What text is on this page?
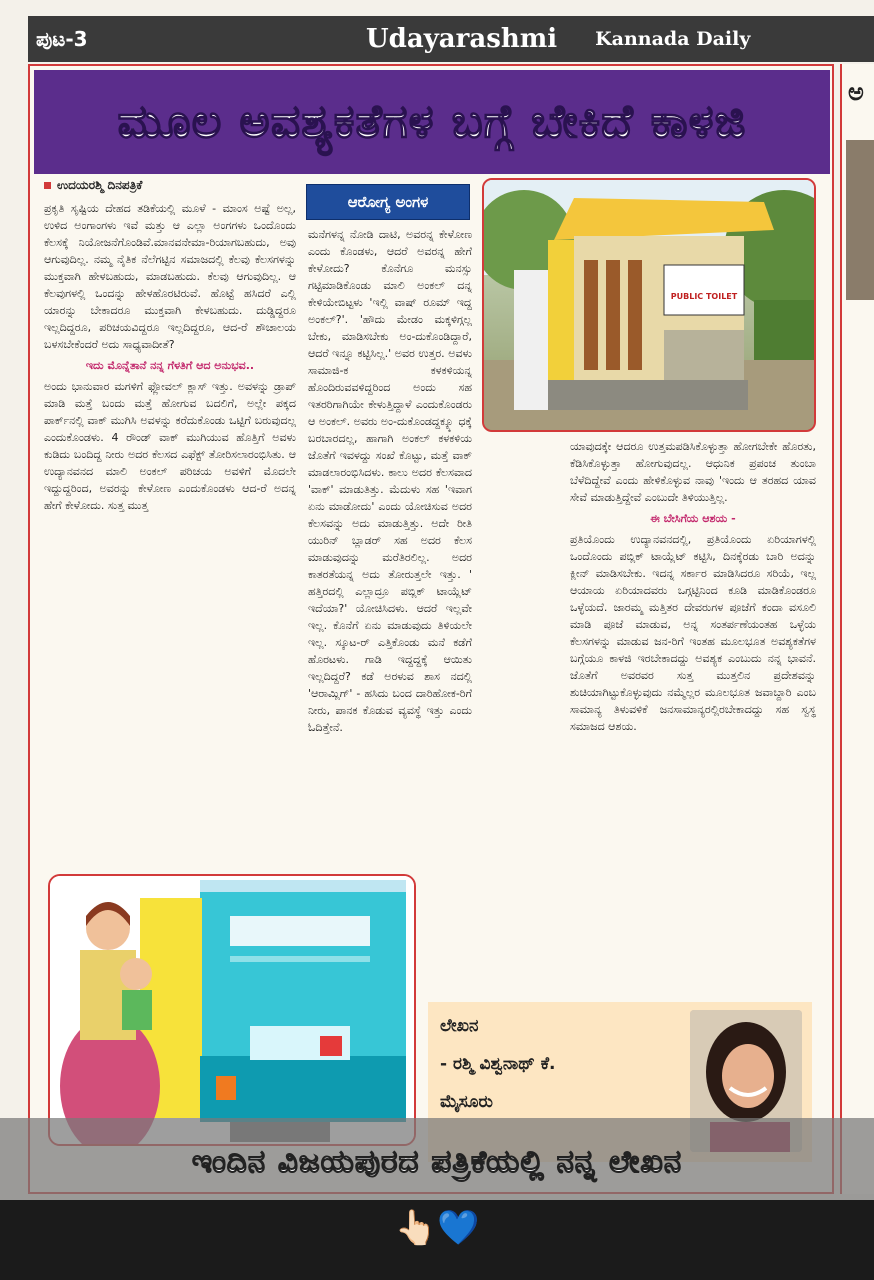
ಪುಟ-3	Udayarashmi Kannada Daily
ಮೂಲ ಅವಶ್ಯಕತೆಗಳ ಬಗ್ಗೆ ಬೇಕಿದೆ ಕಾಳಜಿ
ಉದಯರಶ್ಮಿ ದಿನಪತ್ರಿಕೆ
ಆರೋಗ್ಯ ಅಂಗಳ

ಪ್ರಕೃತಿ ಸೃಷ್ಟಿಯ ದೇಹದ ತಡಿಕೆಯಲ್ಲಿ ಮೂಳೆ - ಮಾಂಸ ಅಷ್ಟೆ ಅಲ್ಲ, ಉಳಿದ ಅಂಗಾಂಗಳು ಇವೆ ಮತ್ತು ಆ ಎಲ್ಲಾ ಅಂಗಗಳು ಒಂದೊಂದು ಕೆಲಸಕ್ಕೆ ನಿಯೋಜನೆಗೊಂಡಿವೆ.ಮಾನವನೇಮಾ-ರಿಯಾಗಬಹುದು, ಅವು ಆಗುವುದಿಲ್ಲ. ನಮ್ಮ ನೈತಿಕ ನೆಲೆಗಟ್ಟಿನ ಸಮಾಜದಲ್ಲಿ ಕೆಲವು ಕೆಲಸಗಳನ್ನು ಮುಕ್ತವಾಗಿ ಹೇಳಬಹುದು, ಮಾಡಬಹುದು. ಕೆಲವು ಆಗುವುದಿಲ್ಲ. ಆ ಕೆಲವುಗಳಲ್ಲಿ ಒಂದನ್ನು ಹೇಳಹೊರಟಿರುವೆ. ಹೊಟ್ಟೆ ಹಸಿದರೆ ಎಲ್ಲಿ ಯಾರನ್ನು ಬೇಕಾದರೂ ಮುಕ್ತವಾಗಿ ಕೇಳಬಹುದು. ದುಡ್ಡಿದ್ದರೂ ಇಲ್ಲದಿದ್ದರೂ, ಪರಿಚಯವಿದ್ದರೂ ಇಲ್ಲದಿದ್ದರೂ, ಆದ-ರೆ ಶೌಚಾಲಯ ಬಳಸಬೇಕೆಂದರೆ ಅದು ಸಾಧ್ಯವಾದೀತೆ?

ಇದು ಮೊನ್ನೆತಾನೆ ನನ್ನ ಗೆಳತಿಗೆ ಆದ ಅನುಭವ..

ಅಂದು ಭಾನುವಾರ ಮಗಳಿಗೆ ಫ್ಲೋವಲ್ ಕ್ಲಾಸ್ ಇತ್ತು. ಅವಳನ್ನು ಡ್ರಾಪ್ ಮಾಡಿ ಮತ್ತೆ ಬಂದು ಮತ್ತೆ ಹೋಗುವ ಬದಲಿಗೆ, ಅಲ್ಲೇ ಪಕ್ಕದ ಪಾರ್ಕ್‌ನಲ್ಲಿ ವಾಕ್ ಮುಗಿಸಿ ಅವಳನ್ನು ಕರೆದುಕೊಂಡು ಒಟ್ಟಿಗೆ ಬರುವುದಲ್ಲ ಎಂದುಕೊಂಡಳು. 4 ರೌಂಡ್ ವಾಕ್ ಮುಗಿಯುವ ಹೊತ್ತಿಗೆ ಅವಳು ಕುಡಿದು ಬಂದಿದ್ದ ನೀರು ಅದರ ಕೆಲಸದ ಎಫೆಕ್ಟ್ ತೋರಿಸಲಾರಂಭಿಸಿತು. ಆ ಉದ್ಯಾನವನದ ಮಾಲಿ ಅಂಕಲ್ ಪರಿಚಯ ಅವಳಿಗೆ ಮೊದಲೇ ಇದ್ದುದ್ದರಿಂದ, ಅವರನ್ನು ಕೇಳೋಣ ಎಂದುಕೊಂಡಳು ಆದ-ರೆ ಅದನ್ನ ಹೇಗೆ ಕೇಳೋದು. ಸುತ್ತ ಮುತ್ತ

ಮನೆಗಳನ್ನ ನೋಡಿ ದಾಟಿ, ಅವರನ್ನ ಕೇಳೋಣ ಎಂದು ಕೊಂಡಳು, ಆದರೆ ಅವರನ್ನ ಹೇಗೆ ಕೇಳೋದು? ಕೊನೆಗೂ ಮನಸ್ಸು ಗಟ್ಟಿಮಾಡಿಕೊಂಡು ಮಾಲಿ ಅಂಕಲ್ ದನ್ನ ಕೇಳಿಯೇಬಿಟ್ಟಳು 'ಇಲ್ಲಿ ವಾಷ್ ರೂಮ್ ಇದ್ದ ಅಂಕಲ್?'. 'ಹೌದು ಮೇಡಂ ಮಕ್ಕಳಿಗ್ಗಲ್ಲ ಬೇಕು, ಮಾಡಿಸಬೇಕು ಅಂ-ದುಕೊಂಡಿದ್ದಾರೆ, ಆದರೆ ಇನ್ನೂ ಕಟ್ಟಿಸಿಲ್ಲ.' ಅವರ ಉತ್ತರ. ಅವಳು ಸಾಮಾಜಿ-ಕ ಕಳಕಳಿಯನ್ನ ಹೊಂದಿರುವವಳಿದ್ದರಿಂದ ಅಂದು ಸಹ ಇತರರಿಗಾಗಿಯೇ ಕೇಳುತ್ತಿದ್ದಾಳೆ ಎಂದುಕೊಂಡರು ಆ ಅಂಕಲ್. ಅವರು ಅಂ-ದುಕೊಂಡದ್ದಕ್ಕ್ಕೂ ಧಕ್ಕೆ ಬರಬಾರದಲ್ಲ, ಹಾಗಾಗಿ ಅಂಕಲ್ ಕಳಕಳಿಯ ಜೊತೆಗೆ ಇವಳದ್ದು ಸಂಖೆ ಕೊಟ್ಟು, ಮತ್ತೆ ವಾಕ್ ಮಾಡಲಾರಂಭಿಸಿದಳು. ಕಾಲು ಅದರ ಕೆಲಸವಾದ 'ವಾಕ್' ಮಾಡುತಿತ್ತು. ಮೆದುಳು ಸಹ 'ಇವಾಗ ಏನು ಮಾಡೋದು' ಎಂದು ಯೋಚಿಸುವ ಅದರ ಕೆಲಸವನ್ನು ಅದು ಮಾಡುತ್ತಿತ್ತು. ಅದೇ ರೀತಿ ಯುರಿನ್ ಬ್ಲಾಡರ್ ಸಹ ಅದರ ಕೆಲಸ ಮಾಡುವುದನ್ನು ಮರೆತಿರಲಿಲ್ಲ. ಅದರ ಕಾತರತೆಯನ್ನ ಅದು ತೋರುತ್ತಲೇ ಇತ್ತು. ' ಹತ್ತಿರದಲ್ಲಿ ಎಲ್ಲಾದ್ರೂ ಪಬ್ಲಿಕ್ ಟಾಯ್ಲೆಟ್ ಇದೆಯಾ?' ಯೋಚಿಸಿದಳು. ಆದರೆ ಇಲ್ಲವೇ ಇಲ್ಲ. ಕೊನೆಗೆ ಏನು ಮಾಡುವುದು ತಿಳಿಯಲೇ ಇಲ್ಲ. ಸ್ಕೂಟ-ರ್ ಎತ್ತಿಕೊಂಡು ಮನೆ ಕಡೆಗೆ ಹೊರಟಳು. ಗಾಡಿ ಇದ್ದದ್ದಕ್ಕೆ ಆಯಿತು ಇಲ್ಲದಿದ್ದರೆ? ಕಡೆ ಅರಳುವ ಶಾಸ ನದಲ್ಲಿ 'ಆರಾಮ್ಲಿಗ್' - ಹಸಿದು ಬಂದ ದಾರಿಹೋಕ-ರಿಗೆ ನೀರು, ಪಾನಕ ಕೊಡುವ ವ್ಯವಸ್ಥೆ ಇತ್ತು ಎಂದು ಓದಿತ್ತೇನೆ.

PUBLIC TOILET

ಯಾವುದಕ್ಕೇ ಆದರೂ ಉತ್ತಮಪಡಿಸಿಕೊಳ್ಳುತ್ತಾ ಹೋಗಬೇಕೇ ಹೊರತು, ಕೆಡಿಸಿಕೊಳ್ಳುತ್ತಾ ಹೋಗುವುದಲ್ಲ. ಆಧುನಿಕ ಪ್ರಪಂಚ ತುಂಬಾ ಬೆಳೆದಿದ್ದೇವೆ ಎಂದು ಹೇಳಿಕೊಳ್ಳುವ ನಾವು 'ಇಂದು ಆ ತರಹದ ಯಾವ ಸೇವೆ ಮಾಡುತ್ತಿದ್ದೇವೆ ಎಂಬುದೇ ತಿಳಿಯುತ್ತಿಲ್ಲ.

ಈ ಬೇಸಿಗೆಯ ಆಶಯ -

ಪ್ರತಿಯೊಂದು ಉದ್ಯಾನವನದಲ್ಲಿ, ಪ್ರತಿಯೊಂದು ಏರಿಯಾಗಳಲ್ಲಿ ಒಂದೊಂದು ಪಬ್ಲಿಕ್ ಟಾಯ್ಲೆಟ್ ಕಟ್ಟಿಸಿ, ದಿನಕ್ಕೆರಡು ಬಾರಿ ಅದನ್ನು ಕ್ಲೀನ್ ಮಾಡಿಸಬೇಕು. ಇದನ್ನ ಸರ್ಕಾರ ಮಾಡಿಸಿದರೂ ಸರಿಯೆ, ಇಲ್ಲ ಆಯಾಯ ಏರಿಯಾದವರು ಒಗ್ಗಟ್ಟಿನಿಂದ ಕೂಡಿ ಮಾಡಿಕೊಂಡರೂ ಒಳ್ಳೆಯದೆ. ಜಾರಮ್ಮ ಮತ್ತಿತರ ದೇವರುಗಳ ಪೂಜೆಗೆ ಕಂದಾ ವಸೂಲಿ ಮಾಡಿ ಪೂಜೆ ಮಾಡುವ, ಅನ್ನ ಸಂತರ್ಪಣೆಯಂತಹ ಒಳ್ಳೆಯ ಕೆಲಸಗಳನ್ನು ಮಾಡುವ ಜನ-ರಿಗೆ ಇಂತಹ ಮೂಲಭೂತ ಅವಶ್ಯಕತೆಗಳ ಬಗ್ಗೆಯೂ ಕಾಳಜಿ ಇರಬೇಕಾದದ್ದು ಅವಶ್ಯಕ ಎಂಬುದು ನನ್ನ ಭಾವನೆ. ಜೊತೆಗೆ ಅವರವರ ಸುತ್ತ ಮುತ್ತಲಿನ ಪ್ರದೇಶವನ್ನು ಶುಚಿಯಾಗಿಟ್ಟುಕೊಳ್ಳುವುದು ನಮ್ಮೆಲ್ಲರ ಮೂಲಭೂತ ಜವಾಬ್ದಾರಿ ಎಂಬ ಸಾಮಾನ್ಯ ತಿಳುವಳಿಕೆ ಜನಸಾಮಾನ್ಯರಲ್ಲಿರಬೇಕಾದದ್ದು ಸಹ ಸ್ವಸ್ಥ ಸಮಾಜದ ಆಶಯ.

ಲೇಖನ
- ರಶ್ಮಿ ವಿಶ್ವನಾಥ್ ಕೆ.
ಮೈಸೂರು
ಅ
ಇಂದಿನ ವಿಜಯಪುರದ ಪತ್ರಿಕೆಯಲ್ಲಿ ನನ್ನ ಲೇಖನ
👆🏻💙
